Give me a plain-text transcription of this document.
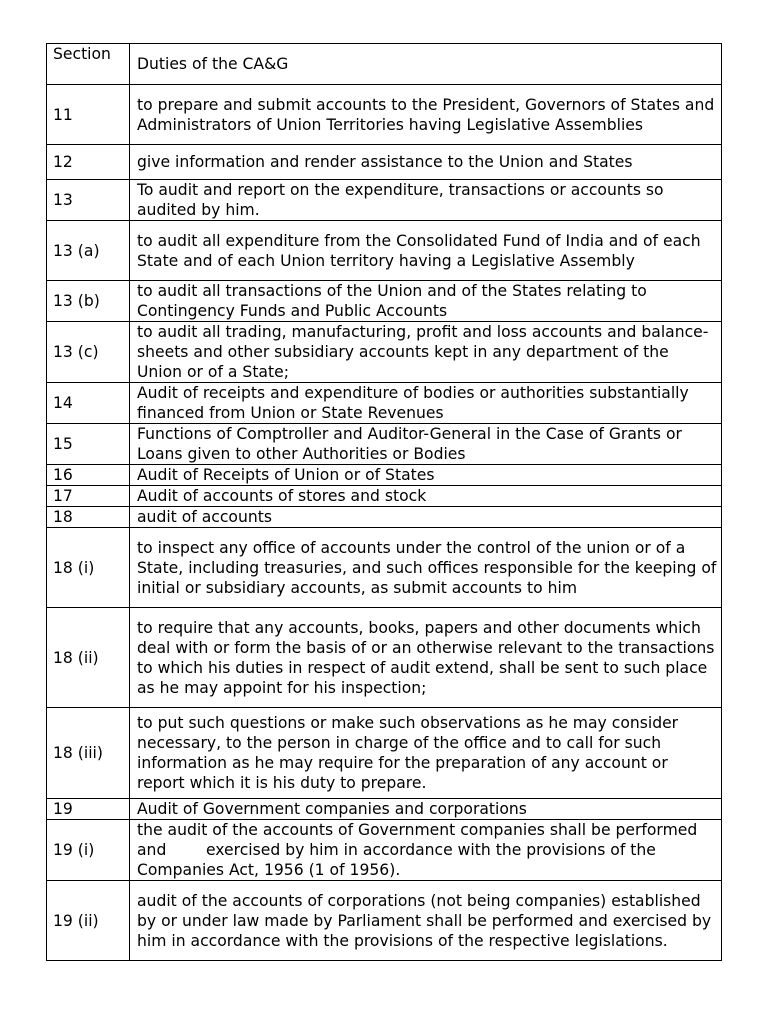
Section	Duties of the CA&G
11	to prepare and submit accounts to the President, Governors of States and Administrators of Union Territories having Legislative Assemblies
12	give information and render assistance to the Union and States
13	To audit and report on the expenditure, transactions or accounts so audited by him.
13 (a)	to audit all expenditure from the Consolidated Fund of India and of each State and of each Union territory having a Legislative Assembly
13 (b)	to audit all transactions of the Union and of the States relating to Contingency Funds and Public Accounts
13 (c)	to audit all trading, manufacturing, profit and loss accounts and balance-sheets and other subsidiary accounts kept in any department of the Union or of a State;
14	Audit of receipts and expenditure of bodies or authorities substantially financed from Union or State Revenues
15	Functions of Comptroller and Auditor-General in the Case of Grants or Loans given to other Authorities or Bodies
16	Audit of Receipts of Union or of States
17	Audit of accounts of stores and stock
18	audit of accounts
18 (i)	to inspect any office of accounts under the control of the union or of a State, including treasuries, and such offices responsible for the keeping of initial or subsidiary accounts, as submit accounts to him
18 (ii)	to require that any accounts, books, papers and other documents which deal with or form the basis of or an otherwise relevant to the transactions to which his duties in respect of audit extend, shall be sent to such place as he may appoint for his inspection;
18 (iii)	to put such questions or make such observations as he may consider necessary, to the person in charge of the office and to call for such information as he may require for the preparation of any account or report which it is his duty to prepare.
19	Audit of Government companies and corporations
19 (i)	the audit of the accounts of Government companies shall be performed and        exercised by him in accordance with the provisions of the Companies Act, 1956 (1 of 1956).
19 (ii)	audit of the accounts of corporations (not being companies) established by or under law made by Parliament shall be performed and exercised by him in accordance with the provisions of the respective legislations.
